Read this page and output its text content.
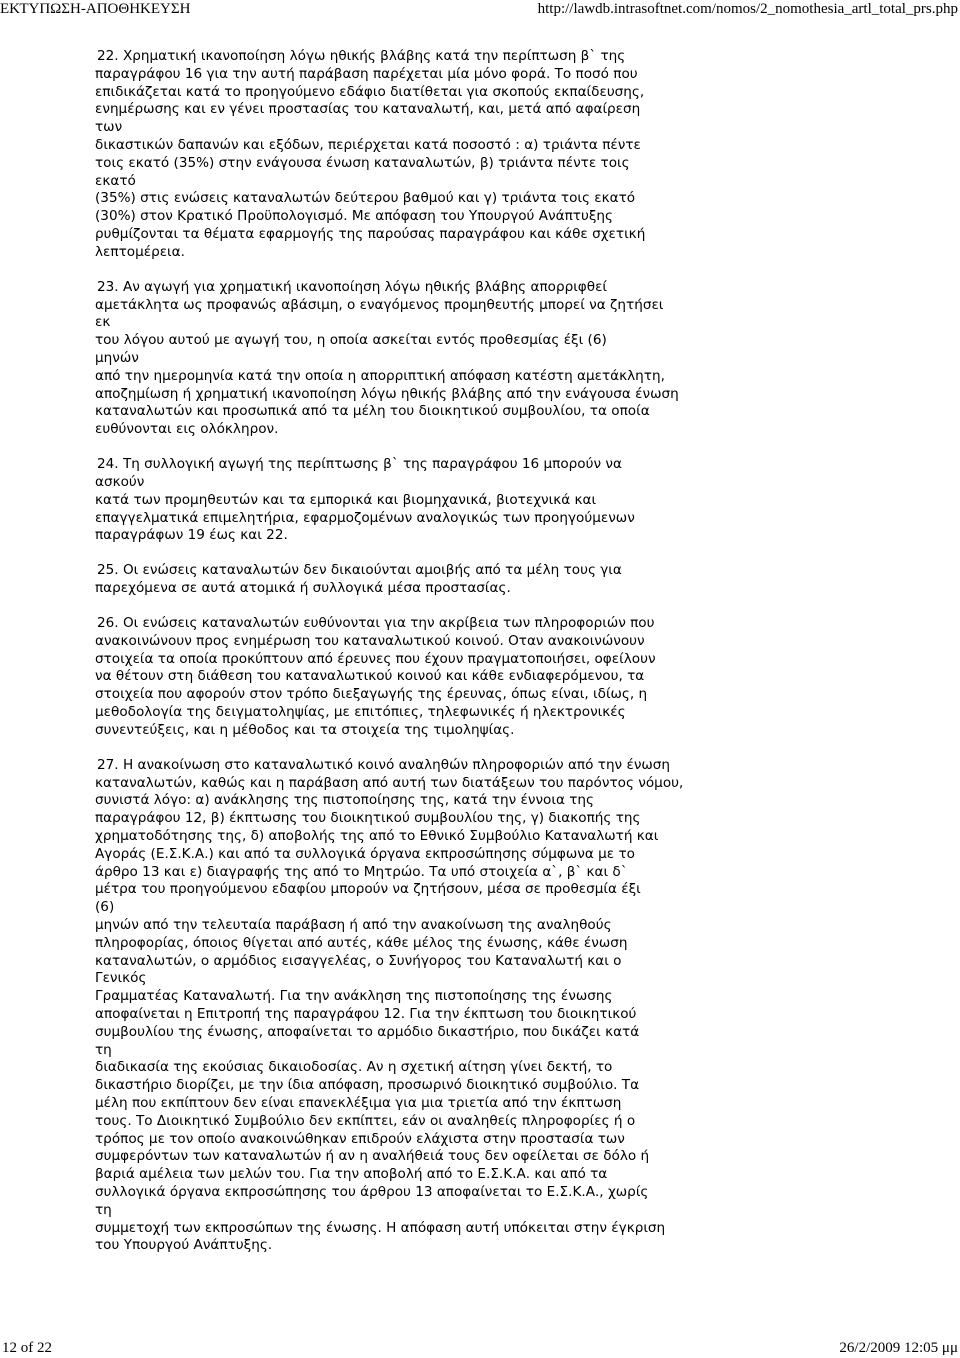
ΕΚΤΥΠΩΣΗ-ΑΠΟΘΗΚΕΥΣΗ	http://lawdb.intrasoftnet.com/nomos/2_nomothesia_artl_total_prs.php
22. Χρηματική ικανοποίηση λόγω ηθικής βλάβης κατά την περίπτωση β` της
παραγράφου 16 για την αυτή παράβαση παρέχεται μία μόνο φορά. Το ποσό που
επιδικάζεται κατά το προηγούμενο εδάφιο διατίθεται για σκοπούς εκπαίδευσης,
ενημέρωσης και εν γένει προστασίας του καταναλωτή, και, μετά από αφαίρεση
των
δικαστικών δαπανών και εξόδων, περιέρχεται κατά ποσοστό : α) τριάντα πέντε
τοις εκατό (35%) στην ενάγουσα ένωση καταναλωτών, β) τριάντα πέντε τοις
εκατό
(35%) στις ενώσεις καταναλωτών δεύτερου βαθμού και γ) τριάντα τοις εκατό
(30%) στον Κρατικό Προϋπολογισμό. Με απόφαση του Υπουργού Ανάπτυξης
ρυθμίζονται τα θέματα εφαρμογής της παρούσας παραγράφου και κάθε σχετική
λεπτομέρεια.
23. Αν αγωγή για χρηματική ικανοποίηση λόγω ηθικής βλάβης απορριφθεί
αμετάκλητα ως προφανώς αβάσιμη, ο εναγόμενος προμηθευτής μπορεί να ζητήσει
εκ
του λόγου αυτού με αγωγή του, η οποία ασκείται εντός προθεσμίας έξι (6)
μηνών
από την ημερομηνία κατά την οποία η απορριπτική απόφαση κατέστη αμετάκλητη,
αποζημίωση ή χρηματική ικανοποίηση λόγω ηθικής βλάβης από την ενάγουσα ένωση
καταναλωτών και προσωπικά από τα μέλη του διοικητικού συμβουλίου, τα οποία
ευθύνονται εις ολόκληρον.
24. Τη συλλογική αγωγή της περίπτωσης β` της παραγράφου 16 μπορούν να
ασκούν
κατά των προμηθευτών και τα εμπορικά και βιομηχανικά, βιοτεχνικά και
επαγγελματικά επιμελητήρια, εφαρμοζομένων αναλογικώς των προηγούμενων
παραγράφων 19 έως και 22.
25. Οι ενώσεις καταναλωτών δεν δικαιούνται αμοιβής από τα μέλη τους για
παρεχόμενα σε αυτά ατομικά ή συλλογικά μέσα προστασίας.
26. Οι ενώσεις καταναλωτών ευθύνονται για την ακρίβεια των πληροφοριών που
ανακοινώνουν προς ενημέρωση του καταναλωτικού κοινού. Οταν ανακοινώνουν
στοιχεία τα οποία προκύπτουν από έρευνες που έχουν πραγματοποιήσει, οφείλουν
να θέτουν στη διάθεση του καταναλωτικού κοινού και κάθε ενδιαφερόμενου, τα
στοιχεία που αφορούν στον τρόπο διεξαγωγής της έρευνας, όπως είναι, ιδίως, η
μεθοδολογία της δειγματοληψίας, με επιτόπιες, τηλεφωνικές ή ηλεκτρονικές
συνεντεύξεις, και η μέθοδος και τα στοιχεία της τιμοληψίας.
27. Η ανακοίνωση στο καταναλωτικό κοινό αναληθών πληροφοριών από την ένωση
καταναλωτών, καθώς και η παράβαση από αυτή των διατάξεων του παρόντος νόμου,
συνιστά λόγο: α) ανάκλησης της πιστοποίησης της, κατά την έννοια της
παραγράφου 12, β) έκπτωσης του διοικητικού συμβουλίου της, γ) διακοπής της
χρηματοδότησης της, δ) αποβολής της από το Εθνικό Συμβούλιο Καταναλωτή και
Αγοράς (Ε.Σ.Κ.Α.) και από τα συλλογικά όργανα εκπροσώπησης σύμφωνα με το
άρθρο 13 και ε) διαγραφής της από το Μητρώο. Τα υπό στοιχεία α`, β` και δ`
μέτρα του προηγούμενου εδαφίου μπορούν να ζητήσουν, μέσα σε προθεσμία έξι
(6)
μηνών από την τελευταία παράβαση ή από την ανακοίνωση της αναληθούς
πληροφορίας, όποιος θίγεται από αυτές, κάθε μέλος της ένωσης, κάθε ένωση
καταναλωτών, ο αρμόδιος εισαγγελέας, ο Συνήγορος του Καταναλωτή και ο
Γενικός
Γραμματέας Καταναλωτή. Για την ανάκληση της πιστοποίησης της ένωσης
αποφαίνεται η Επιτροπή της παραγράφου 12. Για την έκπτωση του διοικητικού
συμβουλίου της ένωσης, αποφαίνεται το αρμόδιο δικαστήριο, που δικάζει κατά
τη
διαδικασία της εκούσιας δικαιοδοσίας. Αν η σχετική αίτηση γίνει δεκτή, το
δικαστήριο διορίζει, με την ίδια απόφαση, προσωρινό διοικητικό συμβούλιο. Τα
μέλη που εκπίπτουν δεν είναι επανεκλέξιμα για μια τριετία από την έκπτωση
τους. Το Διοικητικό Συμβούλιο δεν εκπίπτει, εάν οι αναληθείς πληροφορίες ή ο
τρόπος με τον οποίο ανακοινώθηκαν επιδρούν ελάχιστα στην προστασία των
συμφερόντων των καταναλωτών ή αν η αναλήθειά τους δεν οφείλεται σε δόλο ή
βαριά αμέλεια των μελών του. Για την αποβολή από το Ε.Σ.Κ.Α. και από τα
συλλογικά όργανα εκπροσώπησης του άρθρου 13 αποφαίνεται το Ε.Σ.Κ.Α., χωρίς
τη
συμμετοχή των εκπροσώπων της ένωσης. Η απόφαση αυτή υπόκειται στην έγκριση
του Υπουργού Ανάπτυξης.
12 of 22	26/2/2009 12:05 μμ
